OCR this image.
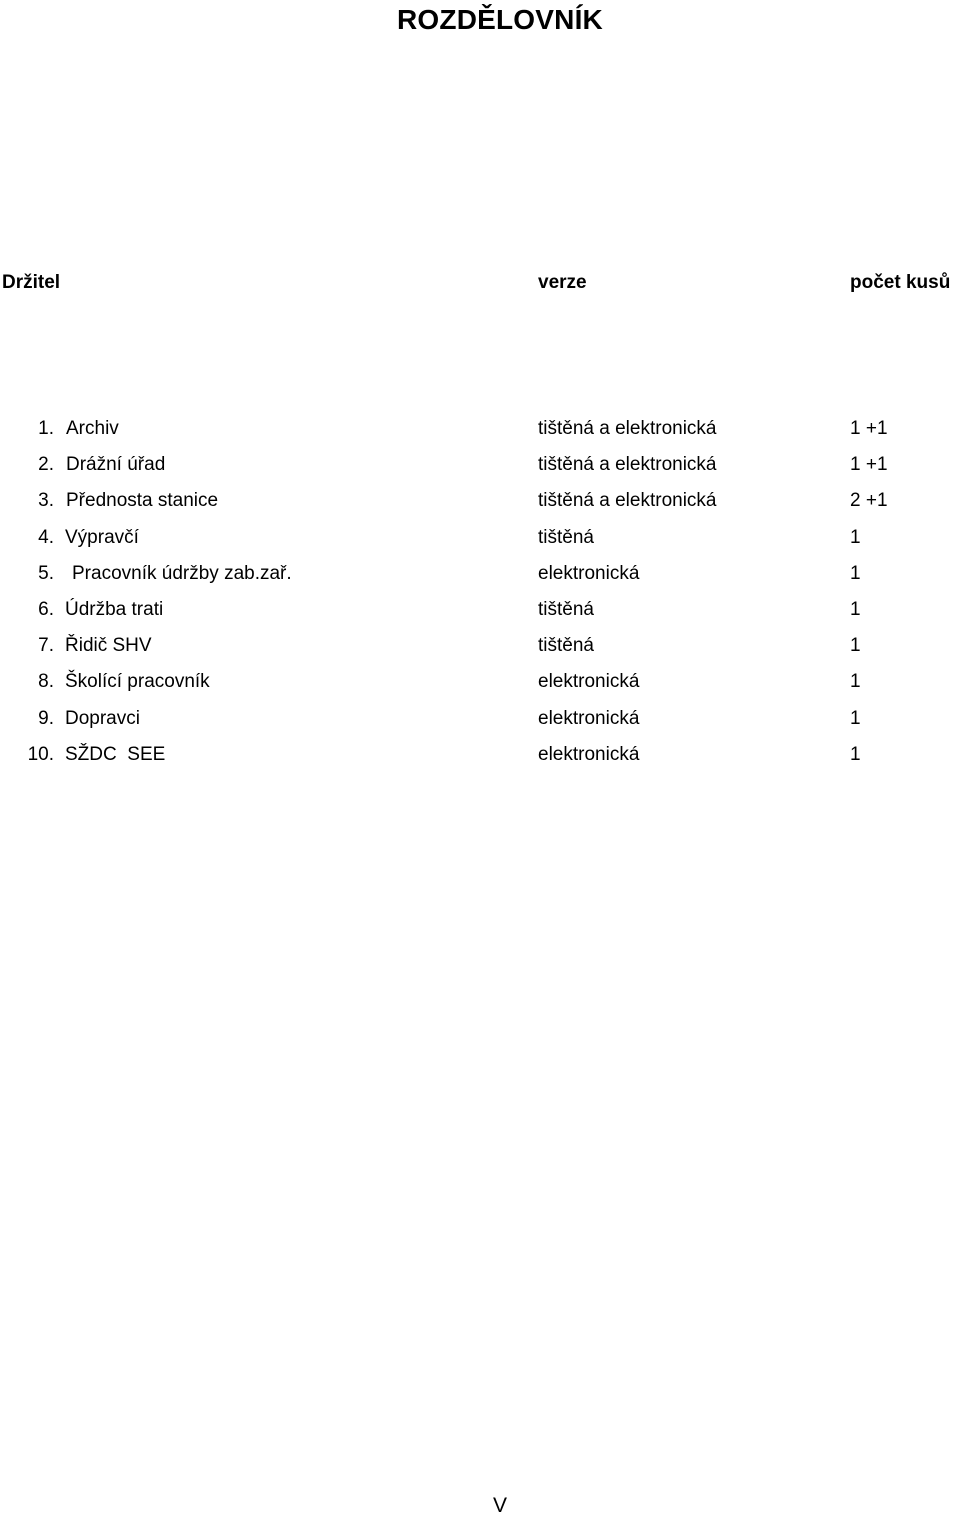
ROZDĚLOVNÍK
Držitel	verze	počet kusů
1. Archiv	tištěná a elektronická	1 +1
2. Drážní úřad	tištěná a elektronická	1 +1
3. Přednosta stanice	tištěná a elektronická	2 +1
4. Výpravčí	tištěná	1
5. Pracovník údržby zab.zař.	elektronická	1
6. Údržba trati	tištěná	1
7. Řidič SHV	tištěná	1
8. Školící pracovník	elektronická	1
9. Dopravci	elektronická	1
10. SŽDC  SEE	elektronická	1
V
